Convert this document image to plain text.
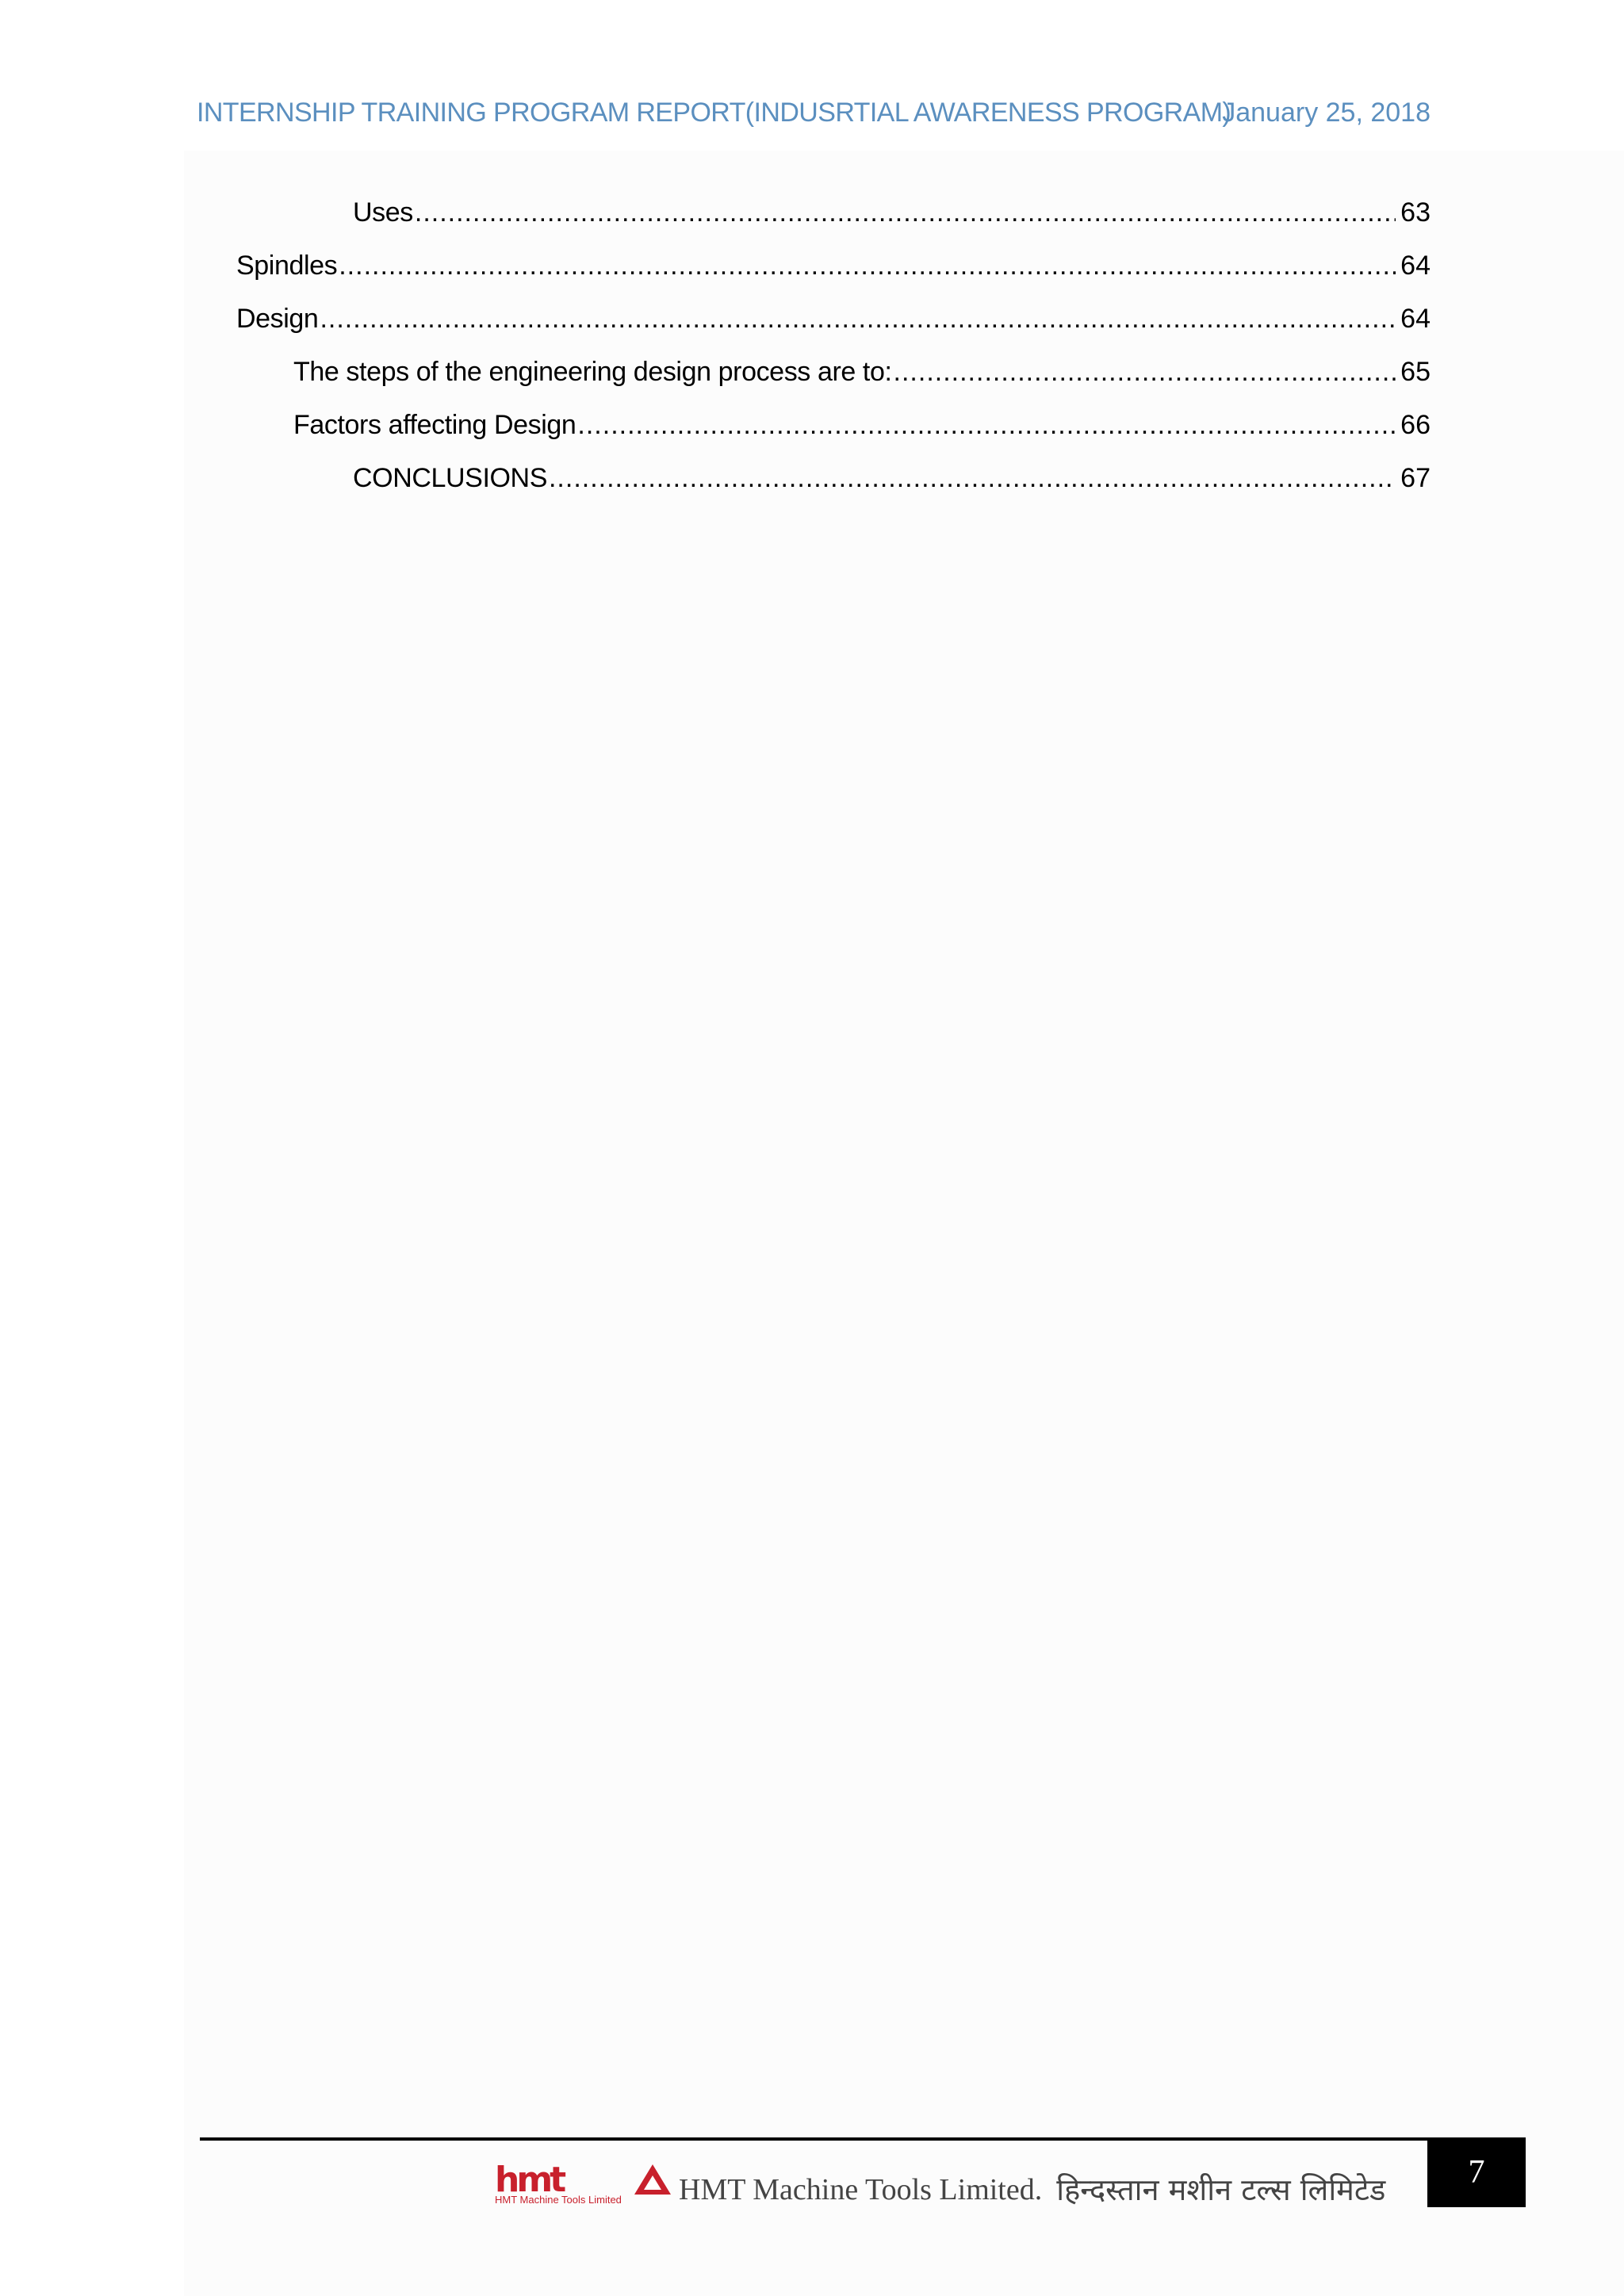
INTERNSHIP TRAINING PROGRAM REPORT(INDUSRTIAL AWARENESS PROGRAM)
January 25, 2018
Uses .....	63
Spindles .....	64
Design .....	64
The steps of the engineering design process are to: .....	65
Factors affecting Design .....	66
CONCLUSIONS .....	67
hmt
HMT Machine Tools Limited HMT Machine Tools Limited. हिन्दस्तान मशीन टल्स लिमिटेड	7
